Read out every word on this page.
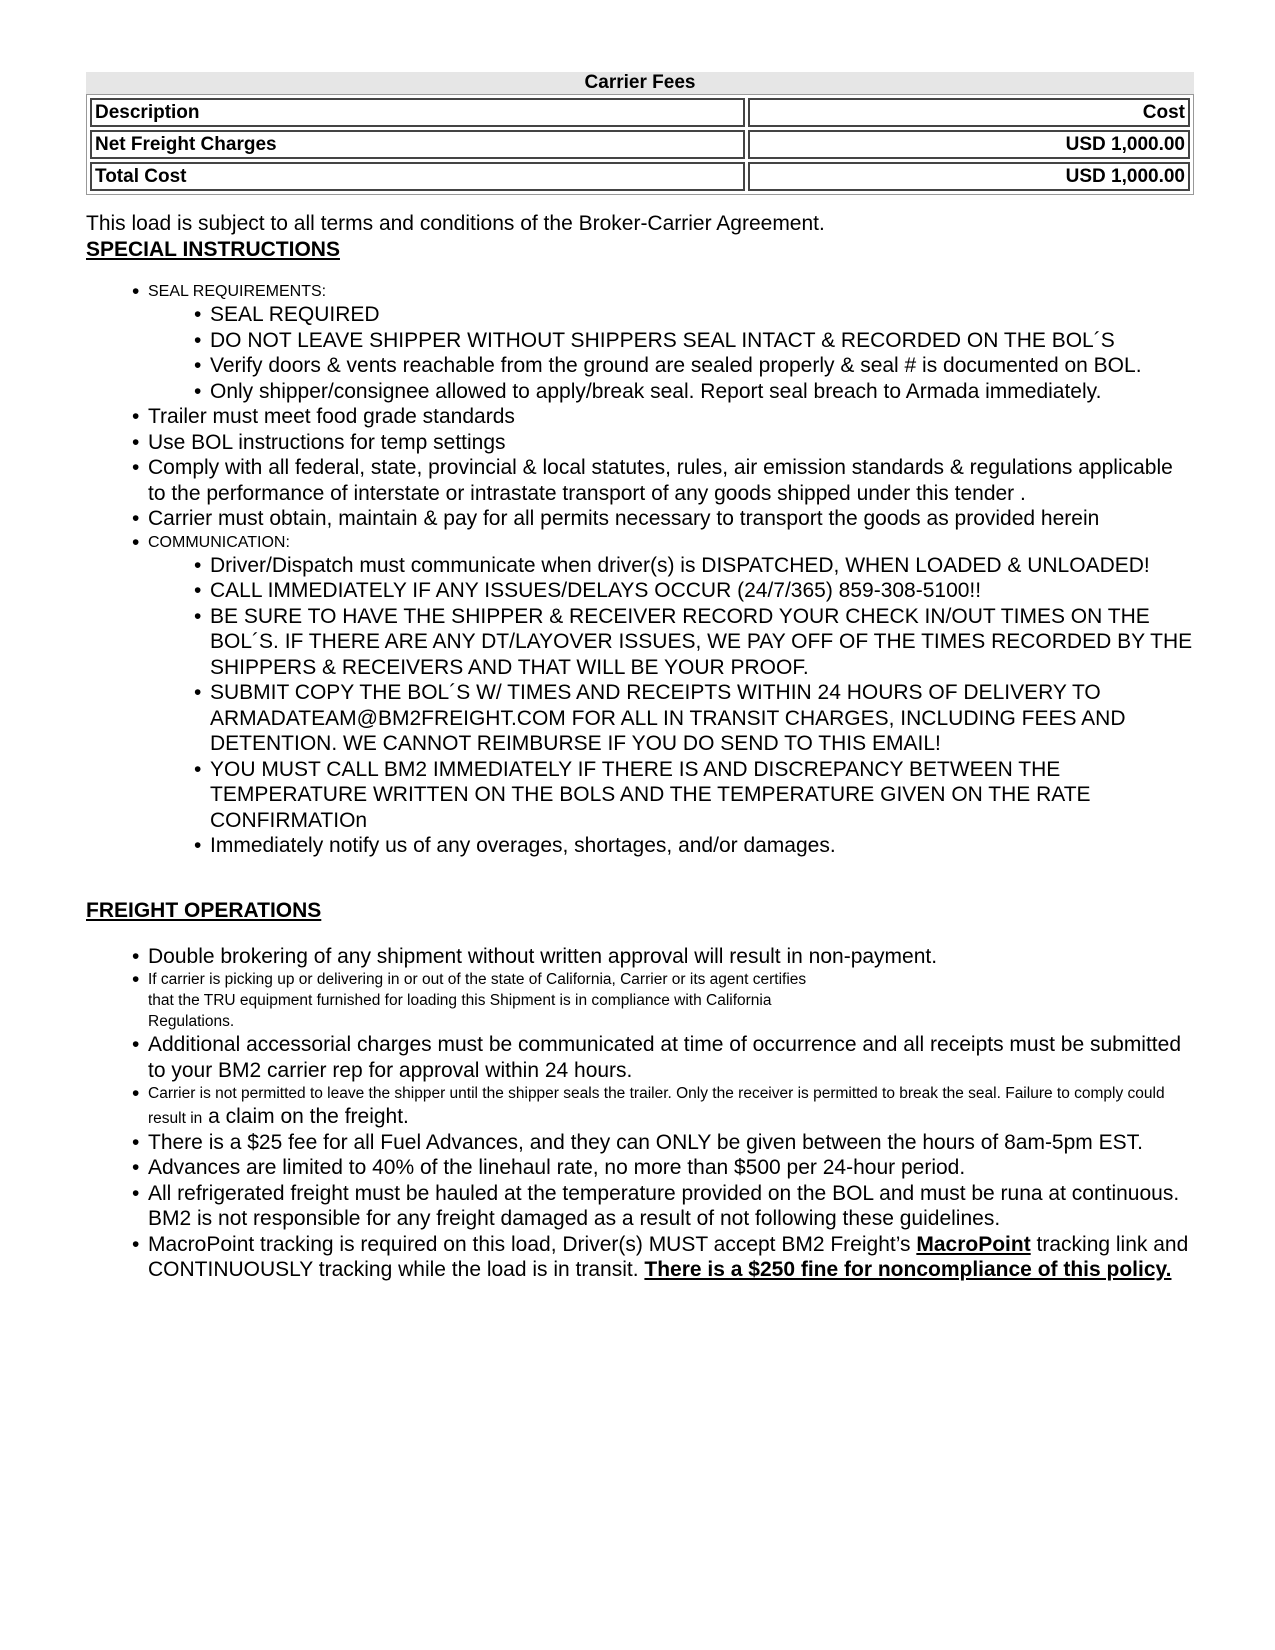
Carrier Fees
Description	Cost
Net Freight Charges	USD 1,000.00
Total Cost	USD 1,000.00
This load is subject to all terms and conditions of the Broker-Carrier Agreement.
SPECIAL INSTRUCTIONS
• SEAL REQUIREMENTS:
• SEAL REQUIRED
• DO NOT LEAVE SHIPPER WITHOUT SHIPPERS SEAL INTACT & RECORDED ON THE BOL´S
• Verify doors & vents reachable from the ground are sealed properly & seal # is documented on BOL.
• Only shipper/consignee allowed to apply/break seal. Report seal breach to Armada immediately.
• Trailer must meet food grade standards
• Use BOL instructions for temp settings
• Comply with all federal, state, provincial & local statutes, rules, air emission standards & regulations applicable to the performance of interstate or intrastate transport of any goods shipped under this tender .
• Carrier must obtain, maintain & pay for all permits necessary to transport the goods as provided herein
• COMMUNICATION:
• Driver/Dispatch must communicate when driver(s) is DISPATCHED, WHEN LOADED & UNLOADED!
• CALL IMMEDIATELY IF ANY ISSUES/DELAYS OCCUR (24/7/365) 859-308-5100!!
• BE SURE TO HAVE THE SHIPPER & RECEIVER RECORD YOUR CHECK IN/OUT TIMES ON THE BOL´S. IF THERE ARE ANY DT/LAYOVER ISSUES, WE PAY OFF OF THE TIMES RECORDED BY THE SHIPPERS & RECEIVERS AND THAT WILL BE YOUR PROOF.
• SUBMIT COPY THE BOL´S W/ TIMES AND RECEIPTS WITHIN 24 HOURS OF DELIVERY TO ARMADATEAM@BM2FREIGHT.COM FOR ALL IN TRANSIT CHARGES, INCLUDING FEES AND DETENTION. WE CANNOT REIMBURSE IF YOU DO SEND TO THIS EMAIL!
• YOU MUST CALL BM2 IMMEDIATELY IF THERE IS AND DISCREPANCY BETWEEN THE TEMPERATURE WRITTEN ON THE BOLS AND THE TEMPERATURE GIVEN ON THE RATE CONFIRMATIOn
• Immediately notify us of any overages, shortages, and/or damages.
FREIGHT OPERATIONS
• Double brokering of any shipment without written approval will result in non-payment.
• If carrier is picking up or delivering in or out of the state of California, Carrier or its agent certifies
that the TRU equipment furnished for loading this Shipment is in compliance with California
Regulations.
• Additional accessorial charges must be communicated at time of occurrence and all receipts must be submitted to your BM2 carrier rep for approval within 24 hours.
• Carrier is not permitted to leave the shipper until the shipper seals the trailer. Only the receiver is permitted to break the seal. Failure to comply could result in a claim on the freight.
• There is a $25 fee for all Fuel Advances, and they can ONLY be given between the hours of 8am-5pm EST.
• Advances are limited to 40% of the linehaul rate, no more than $500 per 24-hour period.
• All refrigerated freight must be hauled at the temperature provided on the BOL and must be runa at continuous. BM2 is not responsible for any freight damaged as a result of not following these guidelines.
• MacroPoint tracking is required on this load, Driver(s) MUST accept BM2 Freight’s MacroPoint tracking link and CONTINUOUSLY tracking while the load is in transit. There is a $250 fine for noncompliance of this policy.
